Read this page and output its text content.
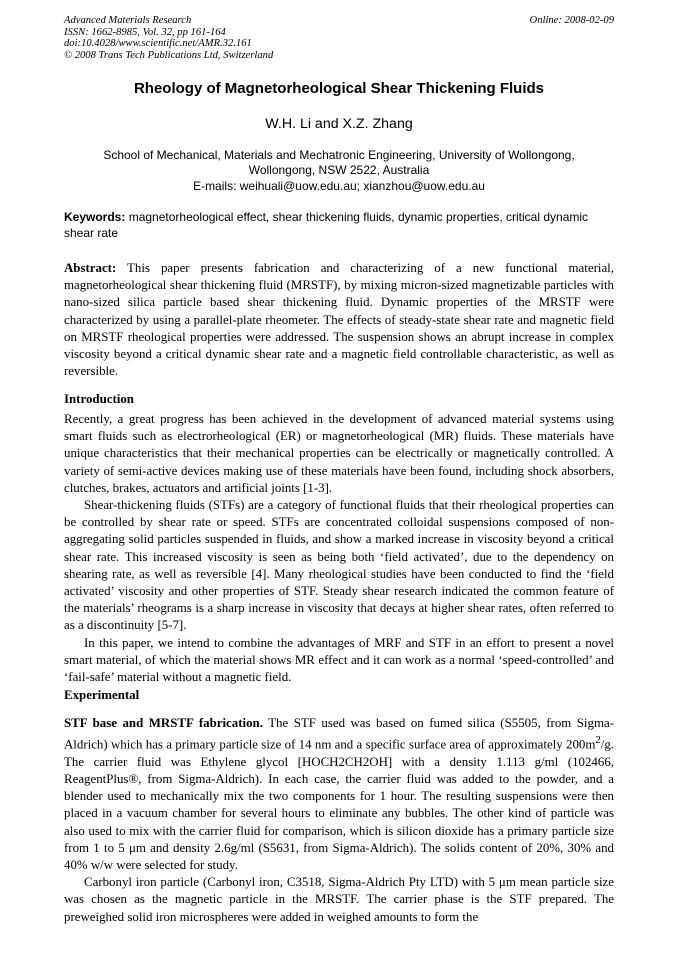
Advanced Materials Research
ISSN: 1662-8985, Vol. 32, pp 161-164
doi:10.4028/www.scientific.net/AMR.32.161
© 2008 Trans Tech Publications Ltd, Switzerland
Online: 2008-02-09
Rheology of Magnetorheological Shear Thickening Fluids
W.H. Li and X.Z. Zhang
School of Mechanical, Materials and Mechatronic Engineering, University of Wollongong,
Wollongong, NSW 2522, Australia
E-mails: weihuali@uow.edu.au; xianzhou@uow.edu.au
Keywords: magnetorheological effect, shear thickening fluids, dynamic properties, critical dynamic shear rate

Abstract: This paper presents fabrication and characterizing of a new functional material, magnetorheological shear thickening fluid (MRSTF), by mixing micron-sized magnetizable particles with nano-sized silica particle based shear thickening fluid. Dynamic properties of the MRSTF were characterized by using a parallel-plate rheometer. The effects of steady-state shear rate and magnetic field on MRSTF rheological properties were addressed. The suspension shows an abrupt increase in complex viscosity beyond a critical dynamic shear rate and a magnetic field controllable characteristic, as well as reversible.

Introduction

Recently, a great progress has been achieved in the development of advanced material systems using smart fluids such as electrorheological (ER) or magnetorheological (MR) fluids. These materials have unique characteristics that their mechanical properties can be electrically or magnetically controlled. A variety of semi-active devices making use of these materials have been found, including shock absorbers, clutches, brakes, actuators and artificial joints [1-3].

Shear-thickening fluids (STFs) are a category of functional fluids that their rheological properties can be controlled by shear rate or speed. STFs are concentrated colloidal suspensions composed of non-aggregating solid particles suspended in fluids, and show a marked increase in viscosity beyond a critical shear rate. This increased viscosity is seen as being both ‘field activated’, due to the dependency on shearing rate, as well as reversible [4]. Many rheological studies have been conducted to find the ‘field activated’ viscosity and other properties of STF. Steady shear research indicated the common feature of the materials’ rheograms is a sharp increase in viscosity that decays at higher shear rates, often referred to as a discontinuity [5-7].

In this paper, we intend to combine the advantages of MRF and STF in an effort to present a novel smart material, of which the material shows MR effect and it can work as a normal ‘speed-controlled’ and ‘fail-safe’ material without a magnetic field.

Experimental

STF base and MRSTF fabrication. The STF used was based on fumed silica (S5505, from Sigma-Aldrich) which has a primary particle size of 14 nm and a specific surface area of approximately $200m^2/g$. The carrier fluid was Ethylene glycol [HOCH2CH2OH] with a density 1.113 g/ml (102466, ReagentPlus®, from Sigma-Aldrich). In each case, the carrier fluid was added to the powder, and a blender used to mechanically mix the two components for 1 hour. The resulting suspensions were then placed in a vacuum chamber for several hours to eliminate any bubbles. The other kind of particle was also used to mix with the carrier fluid for comparison, which is silicon dioxide has a primary particle size from 1 to 5 μm and density 2.6g/ml (S5631, from Sigma-Aldrich). The solids content of 20%, 30% and 40% w/w were selected for study.

Carbonyl iron particle (Carbonyl iron, C3518, Sigma-Aldrich Pty LTD) with 5 μm mean particle size was chosen as the magnetic particle in the MRSTF. The carrier phase is the STF prepared. The preweighed solid iron microspheres were added in weighed amounts to form the
